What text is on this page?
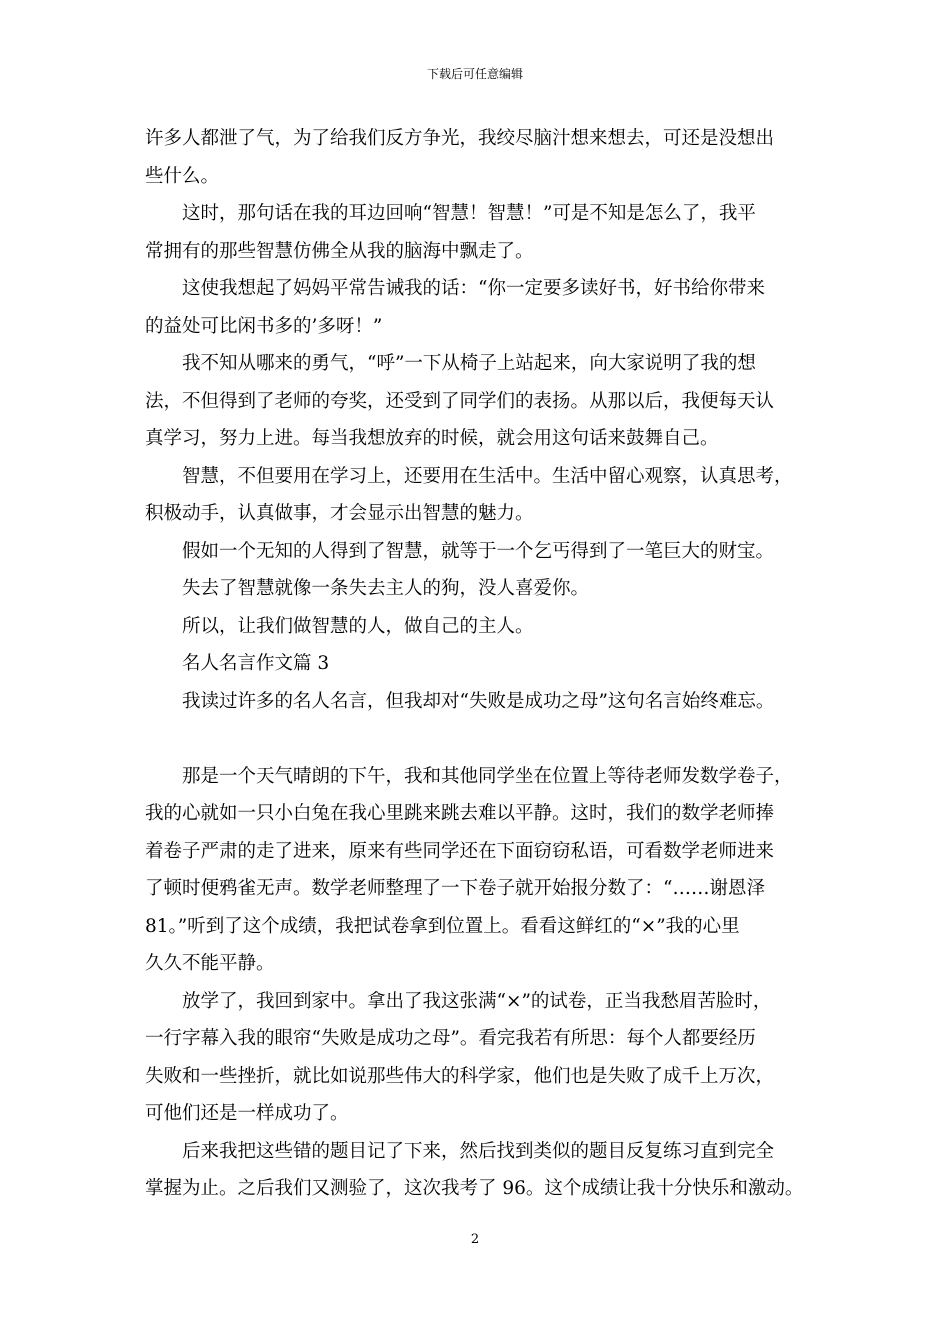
下载后可任意编辑

许多人都泄了气，为了给我们反方争光，我绞尽脑汁想来想去，可还是没想出
些什么。

这时，那句话在我的耳边回响“智慧！智慧！”可是不知是怎么了，我平
常拥有的那些智慧仿佛全从我的脑海中飘走了。

这使我想起了妈妈平常告诫我的话：“你一定要多读好书，好书给你带来
的益处可比闲书多的’多呀！”

我不知从哪来的勇气，“呼”一下从椅子上站起来，向大家说明了我的想
法，不但得到了老师的夸奖，还受到了同学们的表扬。从那以后，我便每天认
真学习，努力上进。每当我想放弃的时候，就会用这句话来鼓舞自己。

智慧，不但要用在学习上，还要用在生活中。生活中留心观察，认真思考，
积极动手，认真做事，才会显示出智慧的魅力。

假如一个无知的人得到了智慧，就等于一个乞丐得到了一笔巨大的财宝。

失去了智慧就像一条失去主人的狗，没人喜爱你。

所以，让我们做智慧的人，做自己的主人。

名人名言作文篇 3

我读过许多的名人名言，但我却对“失败是成功之母”这句名言始终难忘。

那是一个天气晴朗的下午，我和其他同学坐在位置上等待老师发数学卷子，
我的心就如一只小白兔在我心里跳来跳去难以平静。这时，我们的数学老师捧
着卷子严肃的走了进来，原来有些同学还在下面窃窃私语，可看数学老师进来
了顿时便鸦雀无声。数学老师整理了一下卷子就开始报分数了：“……谢恩泽
81。”听到了这个成绩，我把试卷拿到位置上。看看这鲜红的“×”我的心里
久久不能平静。

放学了，我回到家中。拿出了我这张满“×”的试卷，正当我愁眉苦脸时，
一行字幕入我的眼帘“失败是成功之母”。看完我若有所思：每个人都要经历
失败和一些挫折，就比如说那些伟大的科学家，他们也是失败了成千上万次，
可他们还是一样成功了。

后来我把这些错的题目记了下来，然后找到类似的题目反复练习直到完全
掌握为止。之后我们又测验了，这次我考了 96。这个成绩让我十分快乐和激动。

2
